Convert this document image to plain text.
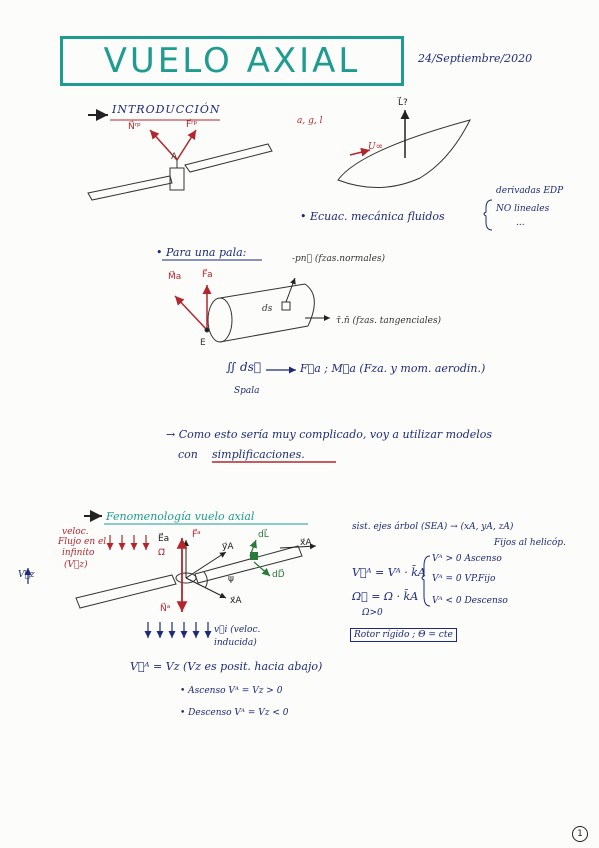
VUELO AXIAL	24/Septiembre/2020
INTRODUCCIÓN
N⃗ʳᵖ	F⃗ʳᵖ
A
a, g, l
L⃗?
U∞
• Ecuac. mecánica fluidos
derivadas EDP
NO lineales
...
• Para una pala:
M⃗a F⃗a
-pn⃗ (fzas.normales)
ds
τ̄.n̄ (fzas. tangenciales)
E
∬ ds⃗
Spala
F⃗a ; M⃗a (Fza. y mom. aerodin.)
→ Como esto sería muy complicado, voy a utilizar modelos
con simplificaciones.
Fenomenología vuelo axial
veloc.
Flujo en el
infinito
(V⃗z)
E⃗a
Ω⃗
F⃗ᵃ
N⃗ᵃ
y⃗A
dL⃗
x⃗A
dD⃗
x⃗A
ψ
v⃗i (veloc. inducida)
V⃗z
sist. ejes árbol (SEA) → (xA, yA, zA)
Fijos al helicóp.
V⃗ᴬ = Vᴬ · k̄A
Ω⃗ = Ω · k̄A
Ω>0
Vᴬ > 0 Ascenso
Vᴬ = 0 VP.Fijo
Vᴬ < 0 Descenso
Rotor rígido ; Θ = cte
V⃗ᴬ = Vz (Vz es posit. hacia abajo)
• Ascenso Vᴬ = Vz > 0
• Descenso Vᴬ = Vz < 0
1
